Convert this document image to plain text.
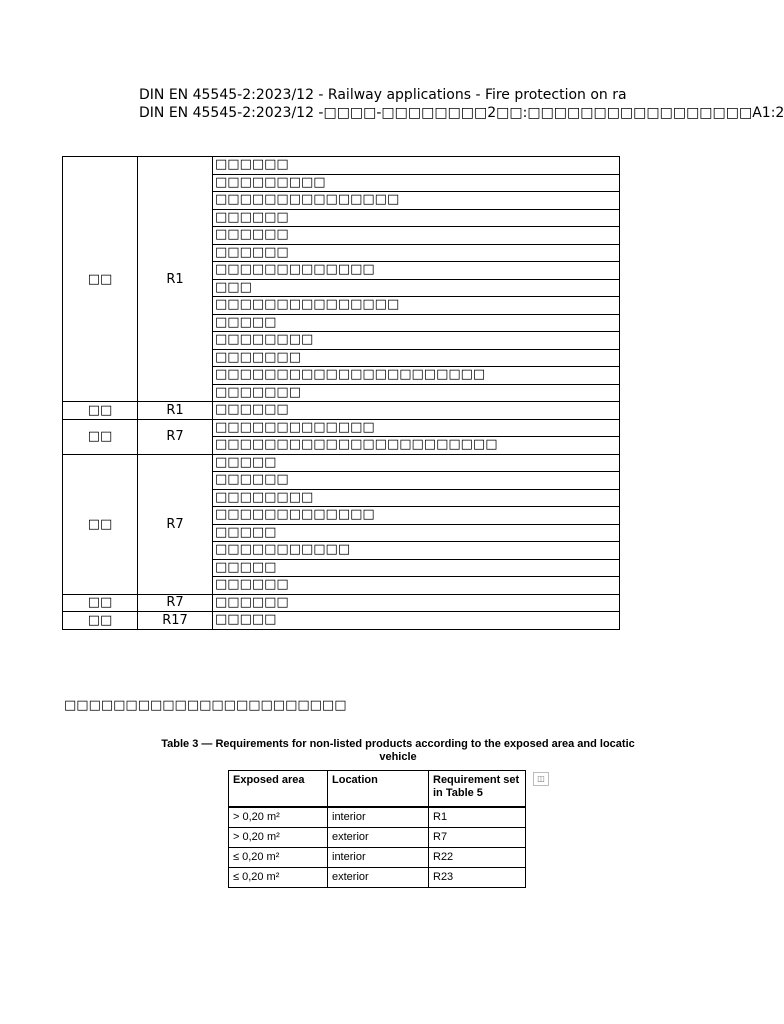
DIN EN 45545-2:2023/12 - Railway applications - Fire protection on ra
DIN EN 45545-2:2023/12 -□□□□-□□□□□□□□2□□:□□□□□□□□□□□□□□□□□A1:2
□□	R1	□□□□□□
		□□□□□□□□□
		□□□□□□□□□□□□□□□
		□□□□□□
		□□□□□□
		□□□□□□
		□□□□□□□□□□□□□
		□□□
		□□□□□□□□□□□□□□□
		□□□□□
		□□□□□□□□
		□□□□□□□
		□□□□□□□□□□□□□□□□□□□□□□
		□□□□□□□
□□	R1	□□□□□□
□□	R7	□□□□□□□□□□□□□
		□□□□□□□□□□□□□□□□□□□□□□□
□□	R7	□□□□□
		□□□□□□
		□□□□□□□□
		□□□□□□□□□□□□□
		□□□□□
		□□□□□□□□□□□
		□□□□□
		□□□□□□
□□	R7	□□□□□□
□□	R17	□□□□□
□□□□□□□□□□□□□□□□□□□□□□□
Table 3 — Requirements for non-listed products according to the exposed area and locatic
vehicle
Exposed area	Location	Requirement set in Table 5
> 0,20 m²	interior	R1
> 0,20 m²	exterior	R7
≤ 0,20 m²	interior	R22
≤ 0,20 m²	exterior	R23
◫
